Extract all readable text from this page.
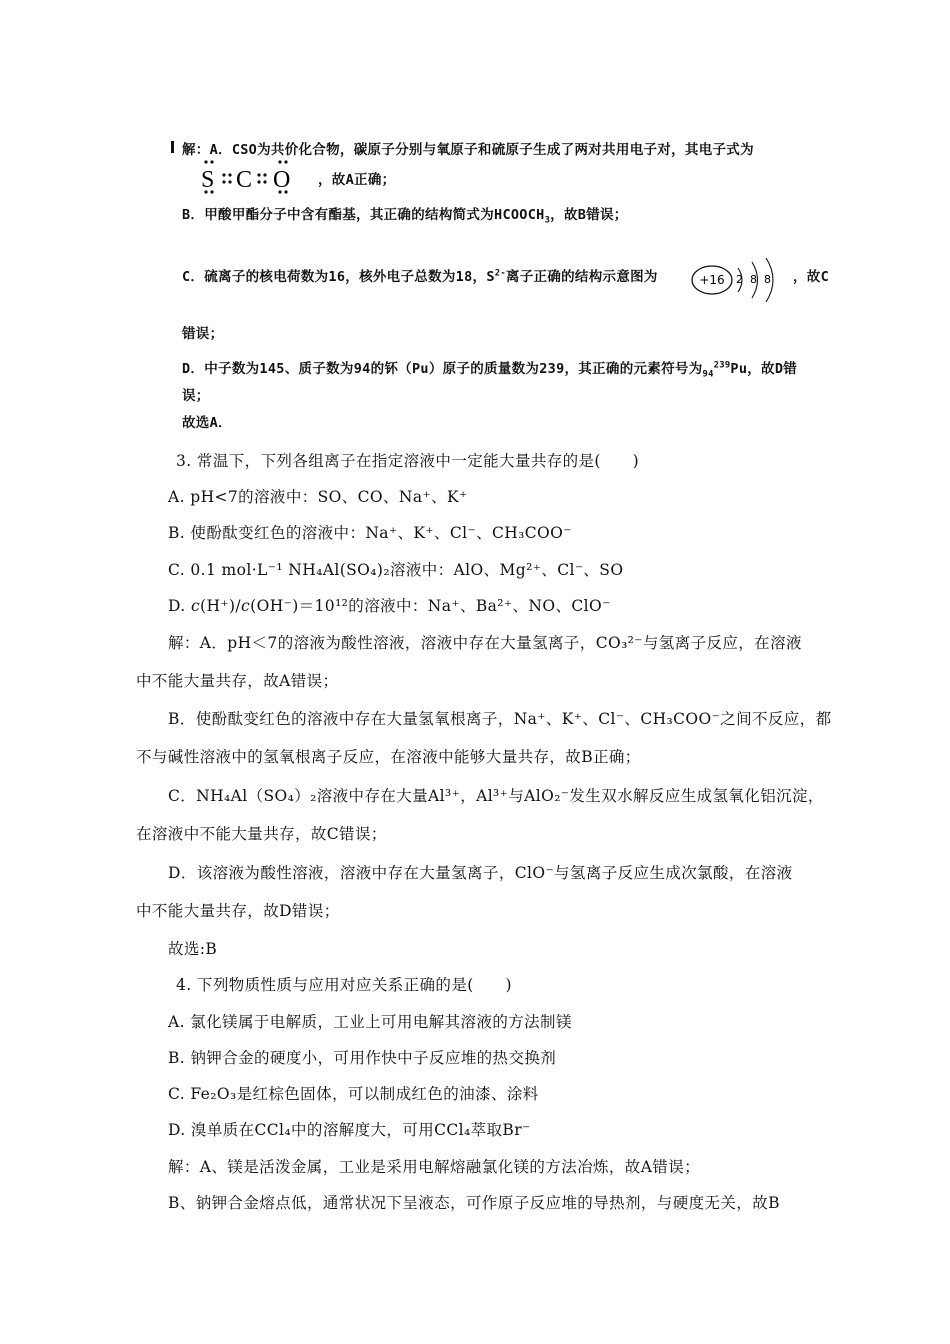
解：A．CSO为共价化合物，碳原子分别与氧原子和硫原子生成了两对共用电子对，其电子式为
S C O ，故A正确；
B．甲酸甲酯分子中含有酯基，其正确的结构简式为$HCOOCH_3$，故B错误；
C．硫离子的核电荷数为16，核外电子总数为18，$S^{2-}$离子正确的结构示意图为	+16 2 8 8 ，故C
错误；
D．中子数为145、质子数为94的钚（Pu）原子的质量数为239，其正确的元素符号为$_{94}^{239}$Pu，故D错
误；
故选A．
3. 常温下，下列各组离子在指定溶液中一定能大量共存的是(　　)
A. pH<7的溶液中：SO、CO、Na⁺、K⁺
B. 使酚酞变红色的溶液中：Na⁺、K⁺、Cl⁻、CH₃COO⁻
C. 0.1 mol·L⁻¹ NH₄Al(SO₄)₂溶液中：AlO、Mg²⁺、Cl⁻、SO
D. c(H⁺)/c(OH⁻)＝10¹²的溶液中：Na⁺、Ba²⁺、NO、ClO⁻
解：A．pH＜7的溶液为酸性溶液，溶液中存在大量氢离子，CO₃²⁻与氢离子反应，在溶液
中不能大量共存，故A错误；
B．使酚酞变红色的溶液中存在大量氢氧根离子，Na⁺、K⁺、Cl⁻、CH₃COO⁻之间不反应，都
不与碱性溶液中的氢氧根离子反应，在溶液中能够大量共存，故B正确；
C．NH₄Al（SO₄）₂溶液中存在大量Al³⁺，Al³⁺与AlO₂⁻发生双水解反应生成氢氧化铝沉淀，
在溶液中不能大量共存，故C错误；
D．该溶液为酸性溶液，溶液中存在大量氢离子，ClO⁻与氢离子反应生成次氯酸，在溶液
中不能大量共存，故D错误；
故选:B
4. 下列物质性质与应用对应关系正确的是(　　)
A. 氯化镁属于电解质，工业上可用电解其溶液的方法制镁
B. 钠钾合金的硬度小，可用作快中子反应堆的热交换剂
C. Fe₂O₃是红棕色固体，可以制成红色的油漆、涂料
D. 溴单质在CCl₄中的溶解度大，可用CCl₄萃取Br⁻
解：A、镁是活泼金属，工业是采用电解熔融氯化镁的方法冶炼，故A错误；
B、钠钾合金熔点低，通常状况下呈液态，可作原子反应堆的导热剂，与硬度无关，故B
